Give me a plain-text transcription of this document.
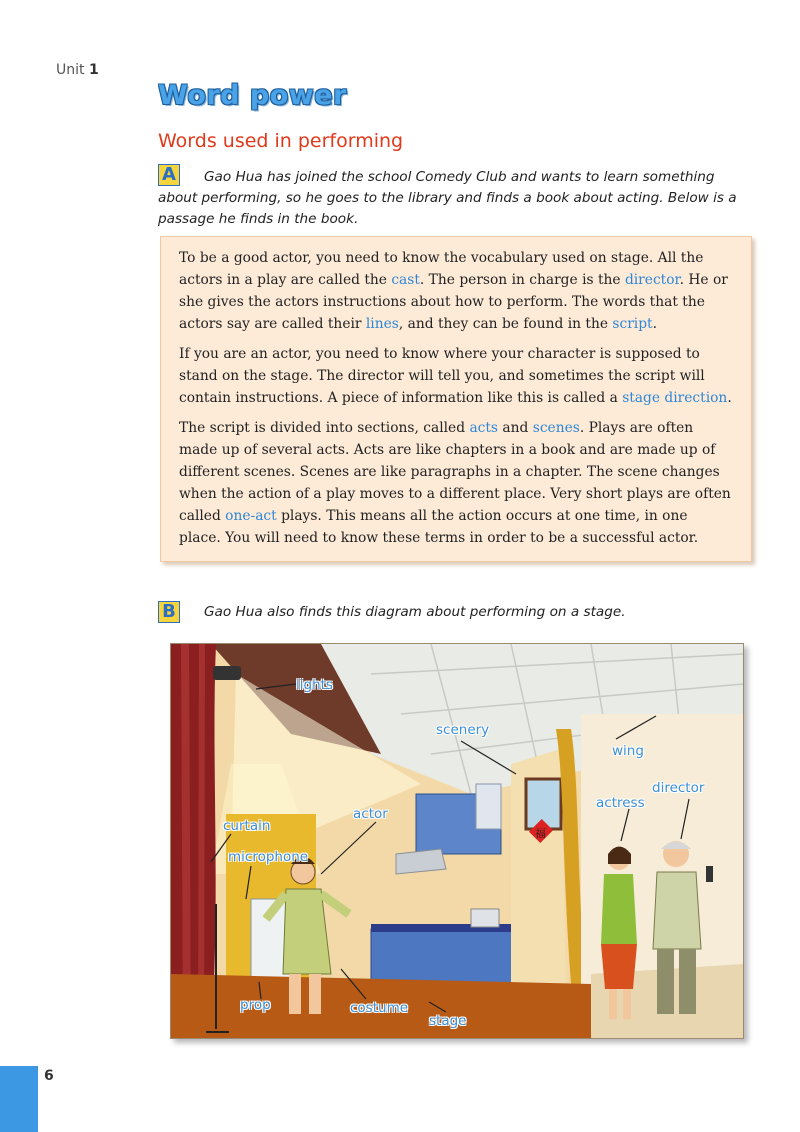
Unit 1
Word power
Words used in performing
A	Gao Hua has joined the school Comedy Club and wants to learn something about performing, so he goes to the library and finds a book about acting. Below is a passage he finds in the book.

To be a good actor, you need to know the vocabulary used on stage. All the actors in a play are called the cast. The person in charge is the director. He or she gives the actors instructions about how to perform. The words that the actors say are called their lines, and they can be found in the script.

If you are an actor, you need to know where your character is supposed to stand on the stage. The director will tell you, and sometimes the script will contain instructions. A piece of information like this is called a stage direction.

The script is divided into sections, called acts and scenes. Plays are often made up of several acts. Acts are like chapters in a book and are made up of different scenes. Scenes are like paragraphs in a chapter. The scene changes when the action of a play moves to a different place. Very short plays are often called one-act plays. This means all the action occurs at one time, in one place. You will need to know these terms in order to be a successful actor.

B	Gao Hua also finds this diagram about performing on a stage.
福
lights
scenery
wing
director
actress
actor
curtain
microphone
prop	costume
stage
6
